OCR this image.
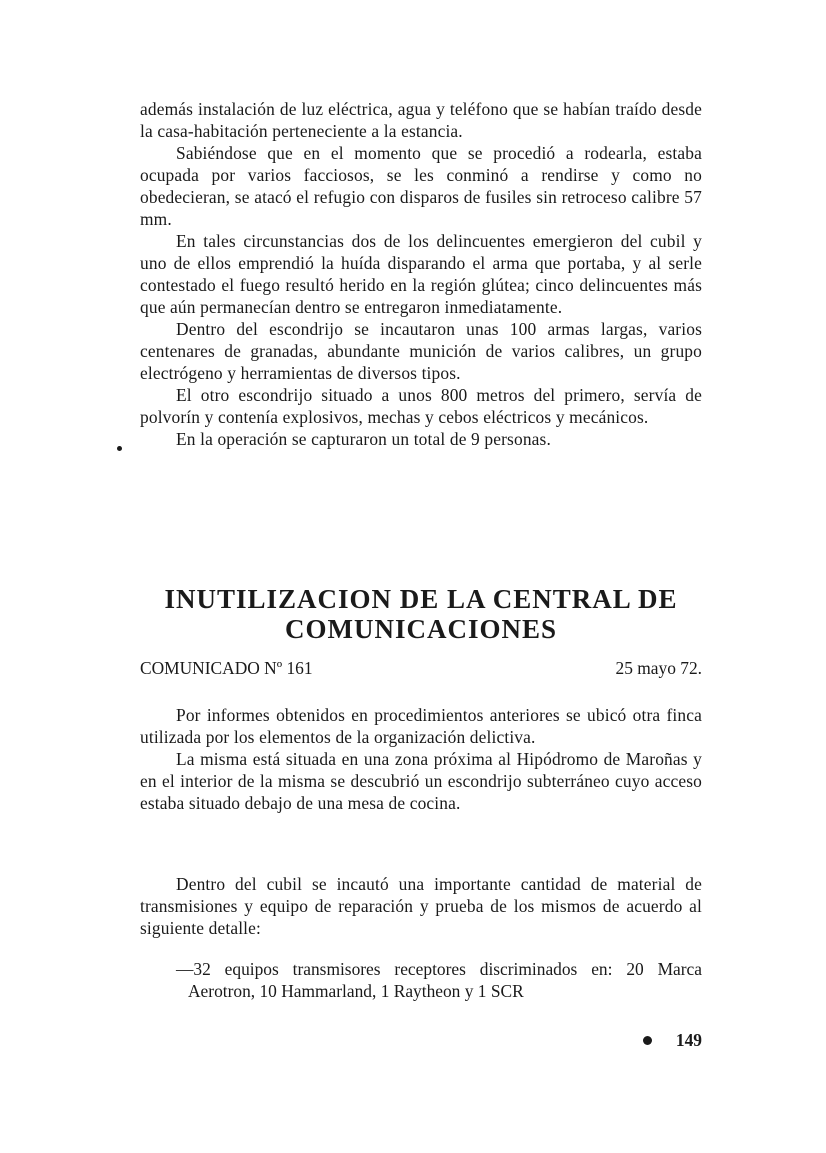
además instalación de luz eléctrica, agua y teléfono que se habían traído desde la casa-habitación perteneciente a la estancia.

Sabiéndose que en el momento que se procedió a rodearla, estaba ocupada por varios facciosos, se les conminó a rendirse y como no obedecieran, se atacó el refugio con disparos de fusiles sin retroceso calibre 57 mm.

En tales circunstancias dos de los delincuentes emergieron del cubil y uno de ellos emprendió la huída disparando el arma que portaba, y al serle contestado el fuego resultó herido en la región glútea; cinco delincuentes más que aún permanecían dentro se entregaron inmediatamente.

Dentro del escondrijo se incautaron unas 100 armas largas, varios centenares de granadas, abundante munición de varios calibres, un grupo electrógeno y herramientas de diversos tipos.

El otro escondrijo situado a unos 800 metros del primero, servía de polvorín y contenía explosivos, mechas y cebos eléctricos y mecánicos.

En la operación se capturaron un total de 9 personas.

INUTILIZACION DE LA CENTRAL DE COMUNICACIONES
COMUNICADO Nº 161	25 mayo 72.

Por informes obtenidos en procedimientos anteriores se ubicó otra finca utilizada por los elementos de la organización delictiva.

La misma está situada en una zona próxima al Hipódromo de Maroñas y en el interior de la misma se descubrió un escondrijo subterráneo cuyo acceso estaba situado debajo de una mesa de cocina.

Dentro del cubil se incautó una importante cantidad de material de transmisiones y equipo de reparación y prueba de los mismos de acuerdo al siguiente detalle:

—32 equipos transmisores receptores discriminados en: 20 Marca Aerotron, 10 Hammarland, 1 Raytheon y 1 SCR

149
